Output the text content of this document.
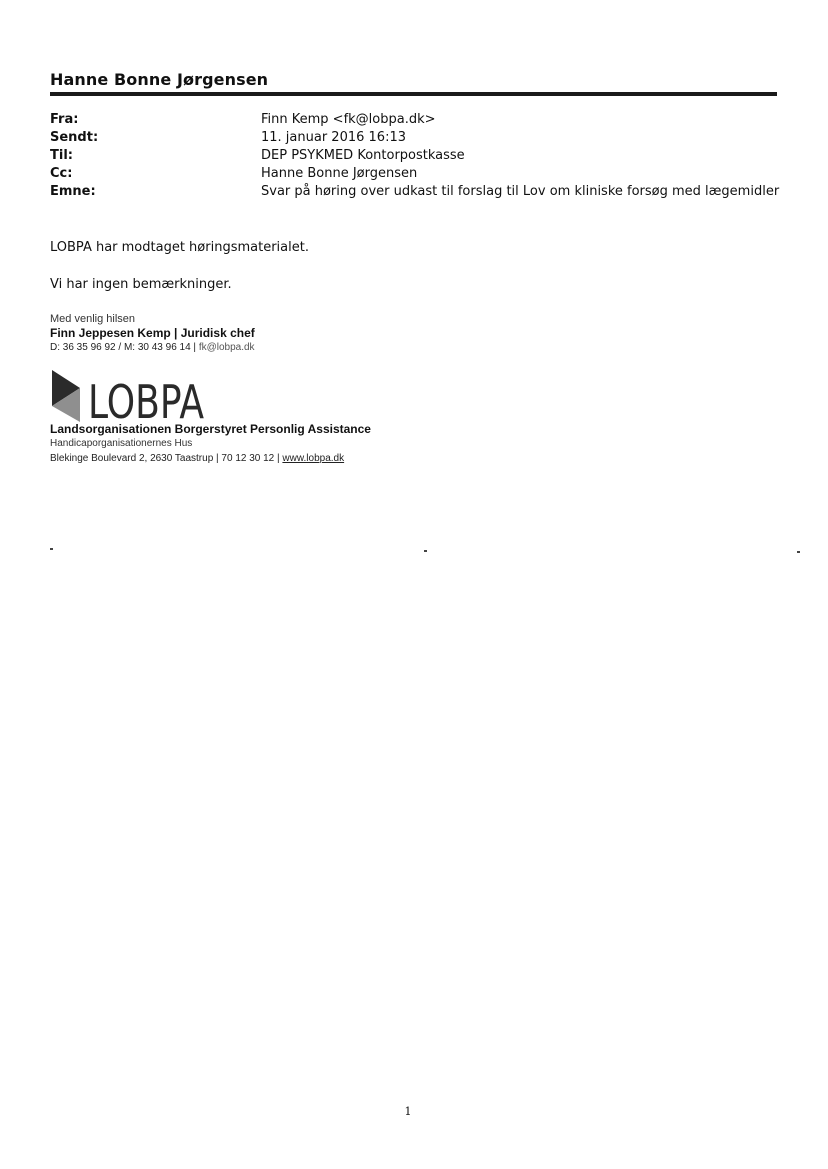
Hanne Bonne Jørgensen
Fra:	Finn Kemp <fk@lobpa.dk>
Sendt:	11. januar 2016 16:13
Til:	DEP PSYKMED Kontorpostkasse
Cc:	Hanne Bonne Jørgensen
Emne:	Svar på høring over udkast til forslag til Lov om kliniske forsøg med lægemidler
LOBPA har modtaget høringsmaterialet.
Vi har ingen bemærkninger.
Med venlig hilsen
Finn Jeppesen Kemp | Juridisk chef
D: 36 35 96 92 / M: 30 43 96 14 | fk@lobpa.dk
LOBPA
Landsorganisationen Borgerstyret Personlig Assistance
Handicaporganisationernes Hus
Blekinge Boulevard 2, 2630 Taastrup | 70 12 30 12 | www.lobpa.dk
1
